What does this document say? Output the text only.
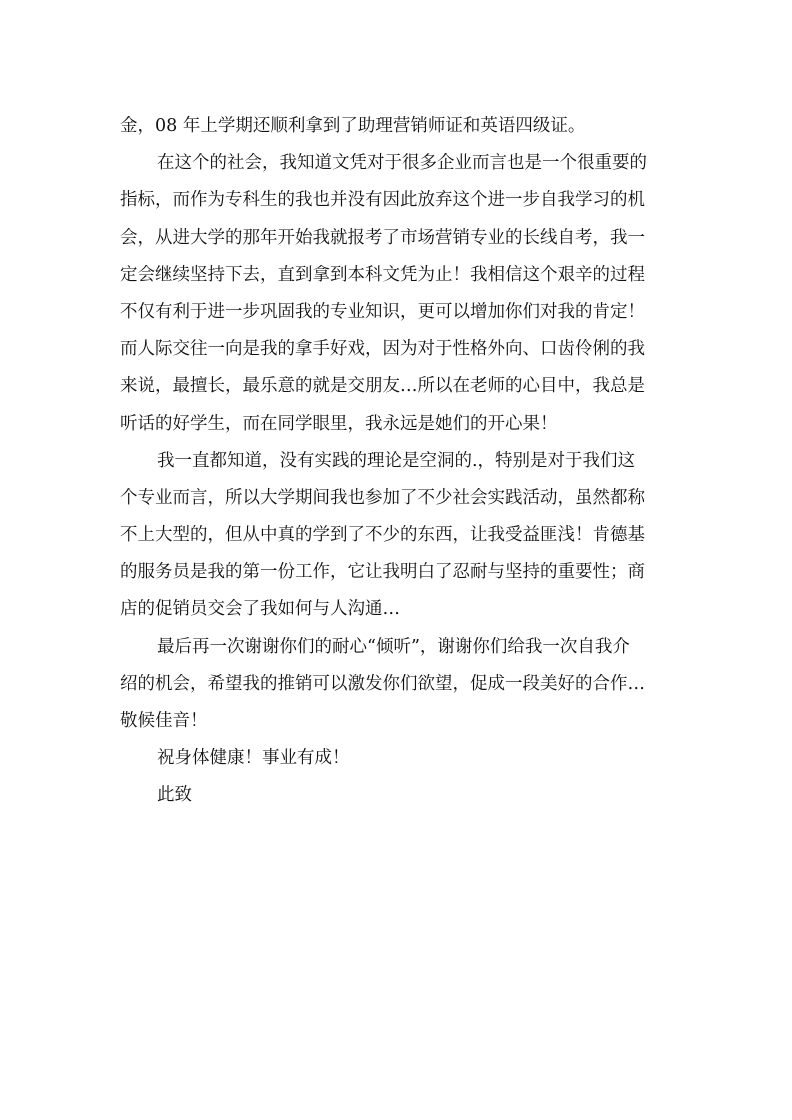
金，08 年上学期还顺利拿到了助理营销师证和英语四级证。
在这个的社会，我知道文凭对于很多企业而言也是一个很重要的
指标，而作为专科生的我也并没有因此放弃这个进一步自我学习的机
会，从进大学的那年开始我就报考了市场营销专业的长线自考，我一
定会继续坚持下去，直到拿到本科文凭为止！我相信这个艰辛的过程
不仅有利于进一步巩固我的专业知识，更可以增加你们对我的肯定！
而人际交往一向是我的拿手好戏，因为对于性格外向、口齿伶俐的我
来说，最擅长，最乐意的就是交朋友…所以在老师的心目中，我总是
听话的好学生，而在同学眼里，我永远是她们的开心果！
我一直都知道，没有实践的理论是空洞的.，特别是对于我们这
个专业而言，所以大学期间我也参加了不少社会实践活动，虽然都称
不上大型的，但从中真的学到了不少的东西，让我受益匪浅！肯德基
的服务员是我的第一份工作，它让我明白了忍耐与坚持的重要性；商
店的促销员交会了我如何与人沟通…
最后再一次谢谢你们的耐心“倾听”，谢谢你们给我一次自我介
绍的机会，希望我的推销可以激发你们欲望，促成一段美好的合作…
敬候佳音！
祝身体健康！事业有成！
此致
